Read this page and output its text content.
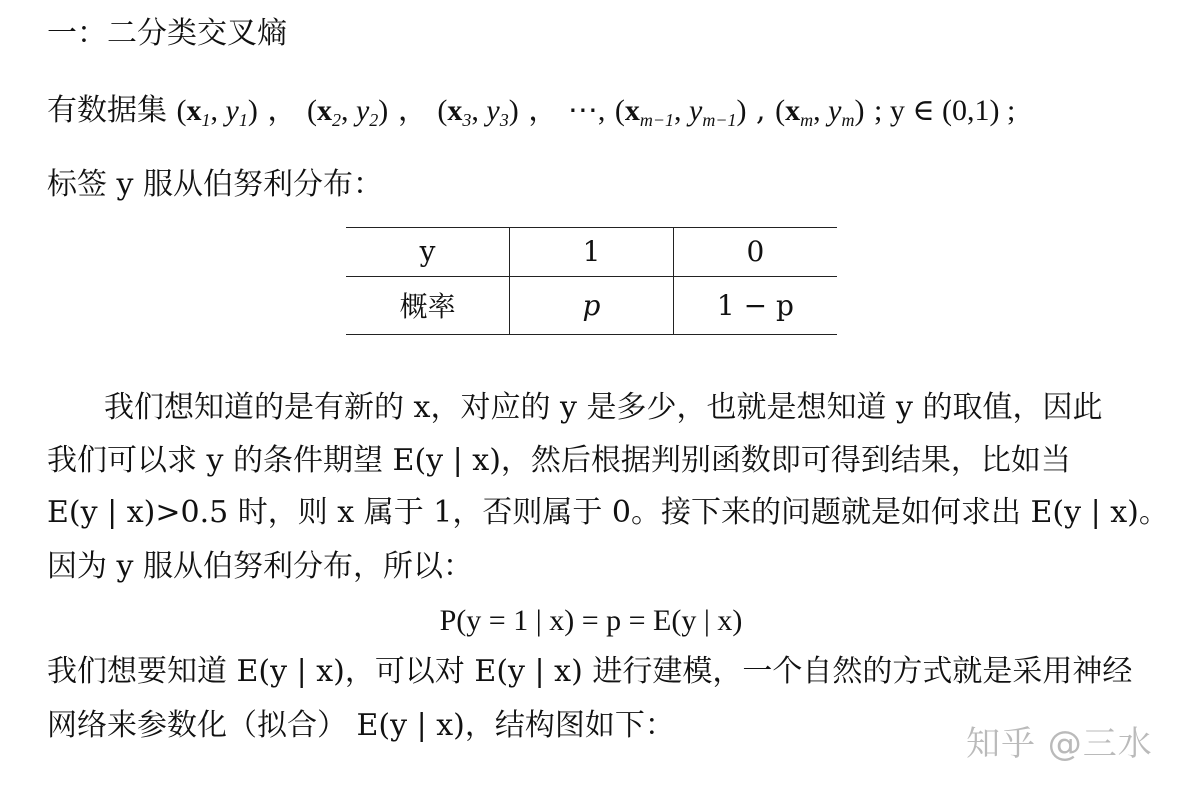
一：二分类交叉熵
有数据集 ($x_1$, $y_1$) ， ($x_2$, $y_2$) ， ($x_3$, $y_3$) ， ⋯, ($x_{m-1}$, $y_{m-1}$) , ($x_m$, $y_m$) ; y ∈ (0,1) ;
标签 y 服从伯努利分布：
y	1	0
概率	p	1 − p
我们想知道的是有新的 x，对应的 y 是多少，也就是想知道 y 的取值，因此
我们可以求 y 的条件期望 E(y | x)，然后根据判别函数即可得到结果，比如当
E(y | x)>0.5 时，则 x 属于 1，否则属于 0。接下来的问题就是如何求出 E(y | x)。
因为 y 服从伯努利分布，所以：
P(y = 1 | x) = p = E(y | x)
我们想要知道 E(y | x)，可以对 E(y | x) 进行建模，一个自然的方式就是采用神经
网络来参数化（拟合） E(y | x)，结构图如下：	知乎 @三水
